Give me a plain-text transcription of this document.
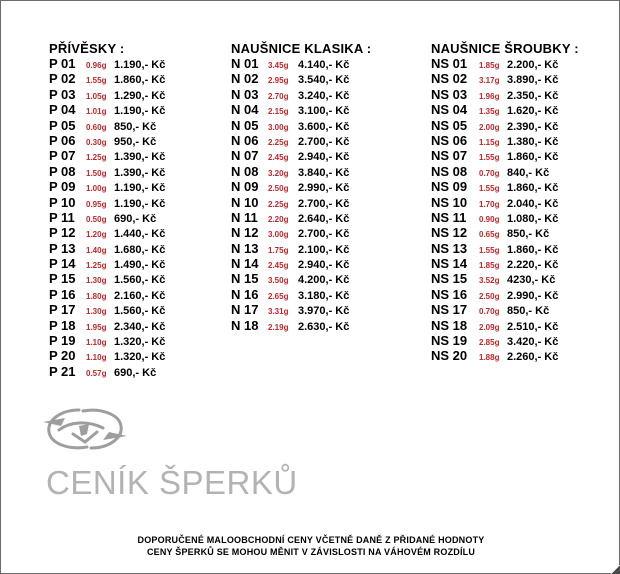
PŘÍVĚSKY :
P 01	0.96g 1.190,- Kč
P 02	1.55g 1.860,- Kč
P 03	1.05g 1.290,- Kč
P 04	1.01g 1.190,- Kč
P 05	0.60g 850,- Kč
P 06	0.30g 950,- Kč
P 07	1.25g 1.390,- Kč
P 08	1.50g 1.390,- Kč
P 09	1.00g 1.190,- Kč
P 10	0.95g 1.190,- Kč
P 11	0.50g 690,- Kč
P 12	1.20g 1.440,- Kč
P 13	1.40g 1.680,- Kč
P 14	1.25g 1.490,- Kč
P 15	1.30g 1.560,- Kč
P 16	1.80g 2.160,- Kč
P 17	1.30g 1.560,- Kč
P 18	1.95g 2.340,- Kč
P 19	1.10g 1.320,- Kč
P 20	1.10g 1.320,- Kč
P 21	0.57g 690,- Kč
NAUŠNICE KLASIKA :
N 01	3.45g 4.140,- Kč
N 02	2.95g 3.540,- Kč
N 03	2.70g 3.240,- Kč
N 04	2.15g 3.100,- Kč
N 05	3.00g 3.600,- Kč
N 06	2.25g 2.700,- Kč
N 07	2.45g 2.940,- Kč
N 08	3.20g 3.840,- Kč
N 09	2.50g 2.990,- Kč
N 10	2.25g 2.700,- Kč
N 11	2.20g 2.640,- Kč
N 12	3.00g 2.700,- Kč
N 13	1.75g 2.100,- Kč
N 14	2.45g 2.940,- Kč
N 15	3.50g 4.200,- Kč
N 16	2.65g 3.180,- Kč
N 17	3.31g 3.970,- Kč
N 18	2.19g 2.630,- Kč
NAUŠNICE ŠROUBKY :
NS 01	1.85g 2.200,- Kč
NS 02	3.17g 3.890,- Kč
NS 03	1.96g 2.350,- Kč
NS 04	1.35g 1.620,- Kč
NS 05	2.00g 2.390,- Kč
NS 06	1.15g 1.380,- Kč
NS 07	1.55g 1.860,- Kč
NS 08	0.70g 840,- Kč
NS 09	1.55g 1.860,- Kč
NS 10	1.70g 2.040,- Kč
NS 11	0.90g 1.080,- Kč
NS 12	0.65g 850,- Kč
NS 13	1.55g 1.860,- Kč
NS 14	1.85g 2.220,- Kč
NS 15	3.52g 4230,- Kč
NS 16	2.50g 2.990,- Kč
NS 17	0.70g 850,- Kč
NS 18	2.09g 2.510,- Kč
NS 19	2.85g 3.420,- Kč
NS 20	1.88g 2.260,- Kč
CENÍK ŠPERKŮ
DOPORUČENÉ MALOOBCHODNÍ CENY VČETNĚ DANĚ Z PŘIDANÉ HODNOTY
CENY ŠPERKŮ SE MOHOU MĚNIT V ZÁVISLOSTI NA VÁHOVÉM ROZDÍLU
